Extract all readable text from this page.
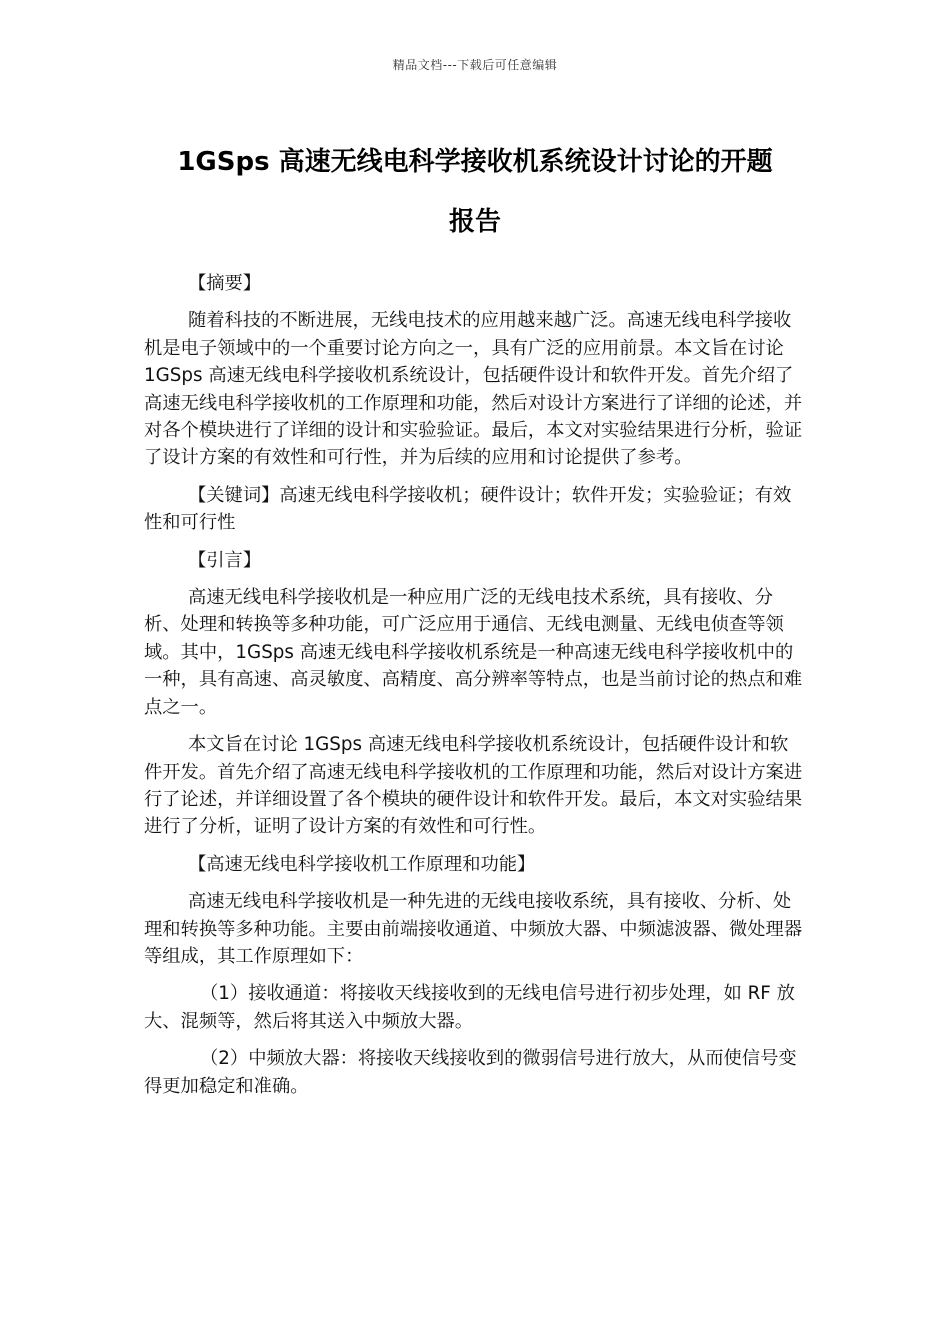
精品文档---下载后可任意编辑
1GSps 高速无线电科学接收机系统设计讨论的开题
报告

【摘要】

随着科技的不断进展，无线电技术的应用越来越广泛。高速无线电科学接收机是电子领域中的一个重要讨论方向之一，具有广泛的应用前景。本文旨在讨论 1GSps 高速无线电科学接收机系统设计，包括硬件设计和软件开发。首先介绍了高速无线电科学接收机的工作原理和功能，然后对设计方案进行了详细的论述，并对各个模块进行了详细的设计和实验验证。最后，本文对实验结果进行分析，验证了设计方案的有效性和可行性，并为后续的应用和讨论提供了参考。

【关键词】高速无线电科学接收机；硬件设计；软件开发；实验验证；有效性和可行性

【引言】

高速无线电科学接收机是一种应用广泛的无线电技术系统，具有接收、分析、处理和转换等多种功能，可广泛应用于通信、无线电测量、无线电侦查等领域。其中，1GSps 高速无线电科学接收机系统是一种高速无线电科学接收机中的一种，具有高速、高灵敏度、高精度、高分辨率等特点，也是当前讨论的热点和难点之一。

本文旨在讨论 1GSps 高速无线电科学接收机系统设计，包括硬件设计和软件开发。首先介绍了高速无线电科学接收机的工作原理和功能，然后对设计方案进行了论述，并详细设置了各个模块的硬件设计和软件开发。最后，本文对实验结果进行了分析，证明了设计方案的有效性和可行性。

【高速无线电科学接收机工作原理和功能】

高速无线电科学接收机是一种先进的无线电接收系统，具有接收、分析、处理和转换等多种功能。主要由前端接收通道、中频放大器、中频滤波器、微处理器等组成，其工作原理如下：

（1）接收通道：将接收天线接收到的无线电信号进行初步处理，如 RF 放大、混频等，然后将其送入中频放大器。

（2）中频放大器：将接收天线接收到的微弱信号进行放大，从而使信号变得更加稳定和准确。
